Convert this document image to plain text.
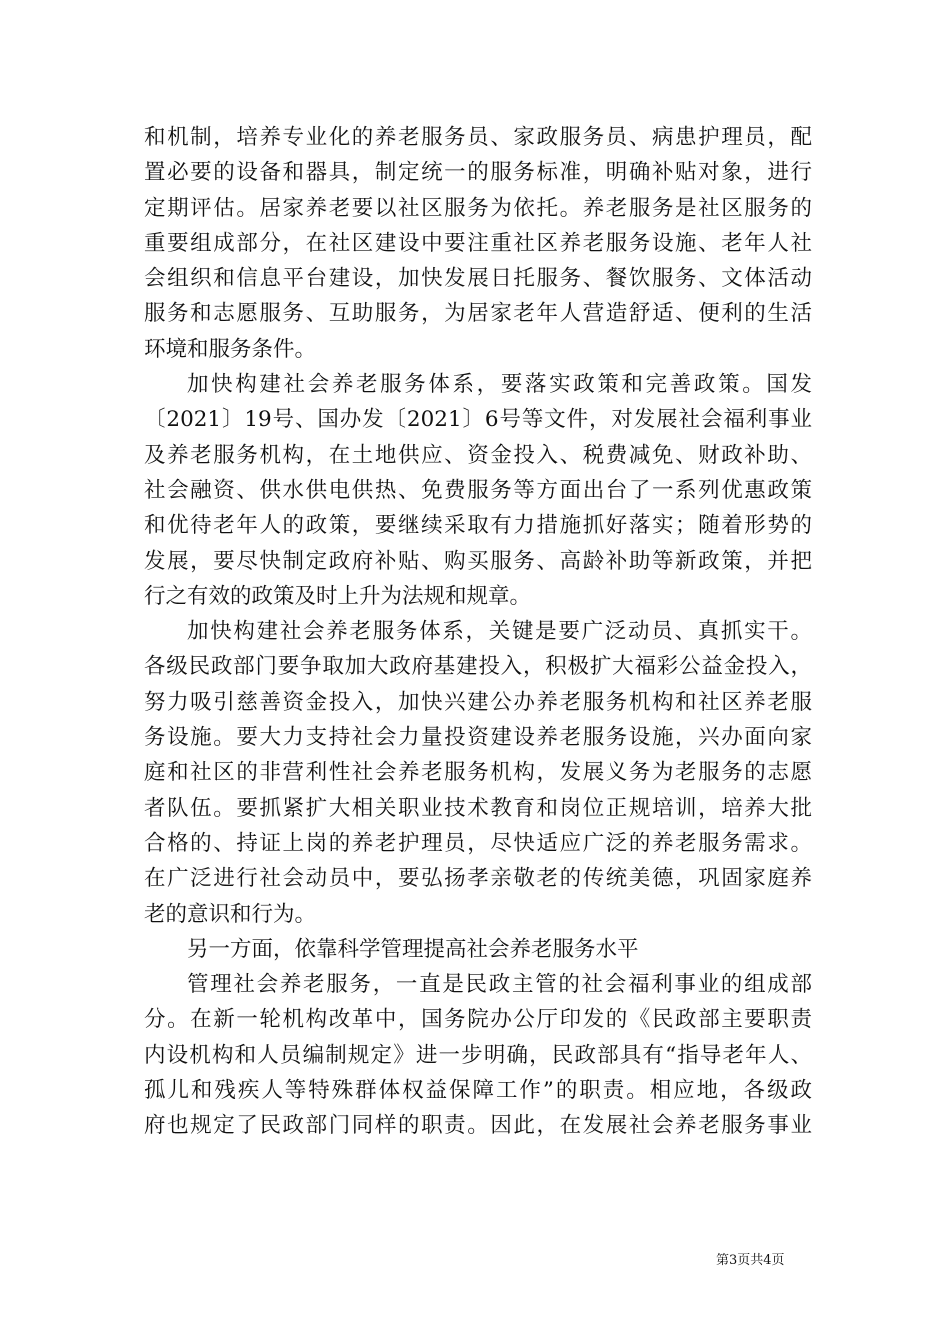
和机制，培养专业化的养老服务员、家政服务员、病患护理员，配
置必要的设备和器具，制定统一的服务标准，明确补贴对象，进行
定期评估。居家养老要以社区服务为依托。养老服务是社区服务的
重要组成部分，在社区建设中要注重社区养老服务设施、老年人社
会组织和信息平台建设，加快发展日托服务、餐饮服务、文体活动
服务和志愿服务、互助服务，为居家老年人营造舒适、便利的生活
环境和服务条件。
加快构建社会养老服务体系，要落实政策和完善政策。国发
〔2021〕19号、国办发〔2021〕6号等文件，对发展社会福利事业
及养老服务机构，在土地供应、资金投入、税费减免、财政补助、
社会融资、供水供电供热、免费服务等方面出台了一系列优惠政策
和优待老年人的政策，要继续采取有力措施抓好落实；随着形势的
发展，要尽快制定政府补贴、购买服务、高龄补助等新政策，并把
行之有效的政策及时上升为法规和规章。
加快构建社会养老服务体系，关键是要广泛动员、真抓实干。
各级民政部门要争取加大政府基建投入，积极扩大福彩公益金投入，
努力吸引慈善资金投入，加快兴建公办养老服务机构和社区养老服
务设施。要大力支持社会力量投资建设养老服务设施，兴办面向家
庭和社区的非营利性社会养老服务机构，发展义务为老服务的志愿
者队伍。要抓紧扩大相关职业技术教育和岗位正规培训，培养大批
合格的、持证上岗的养老护理员，尽快适应广泛的养老服务需求。
在广泛进行社会动员中，要弘扬孝亲敬老的传统美德，巩固家庭养
老的意识和行为。
另一方面，依靠科学管理提高社会养老服务水平
管理社会养老服务，一直是民政主管的社会福利事业的组成部
分。在新一轮机构改革中，国务院办公厅印发的《民政部主要职责
内设机构和人员编制规定》进一步明确，民政部具有“指导老年人、
孤儿和残疾人等特殊群体权益保障工作”的职责。相应地，各级政
府也规定了民政部门同样的职责。因此，在发展社会养老服务事业
第3页共4页
